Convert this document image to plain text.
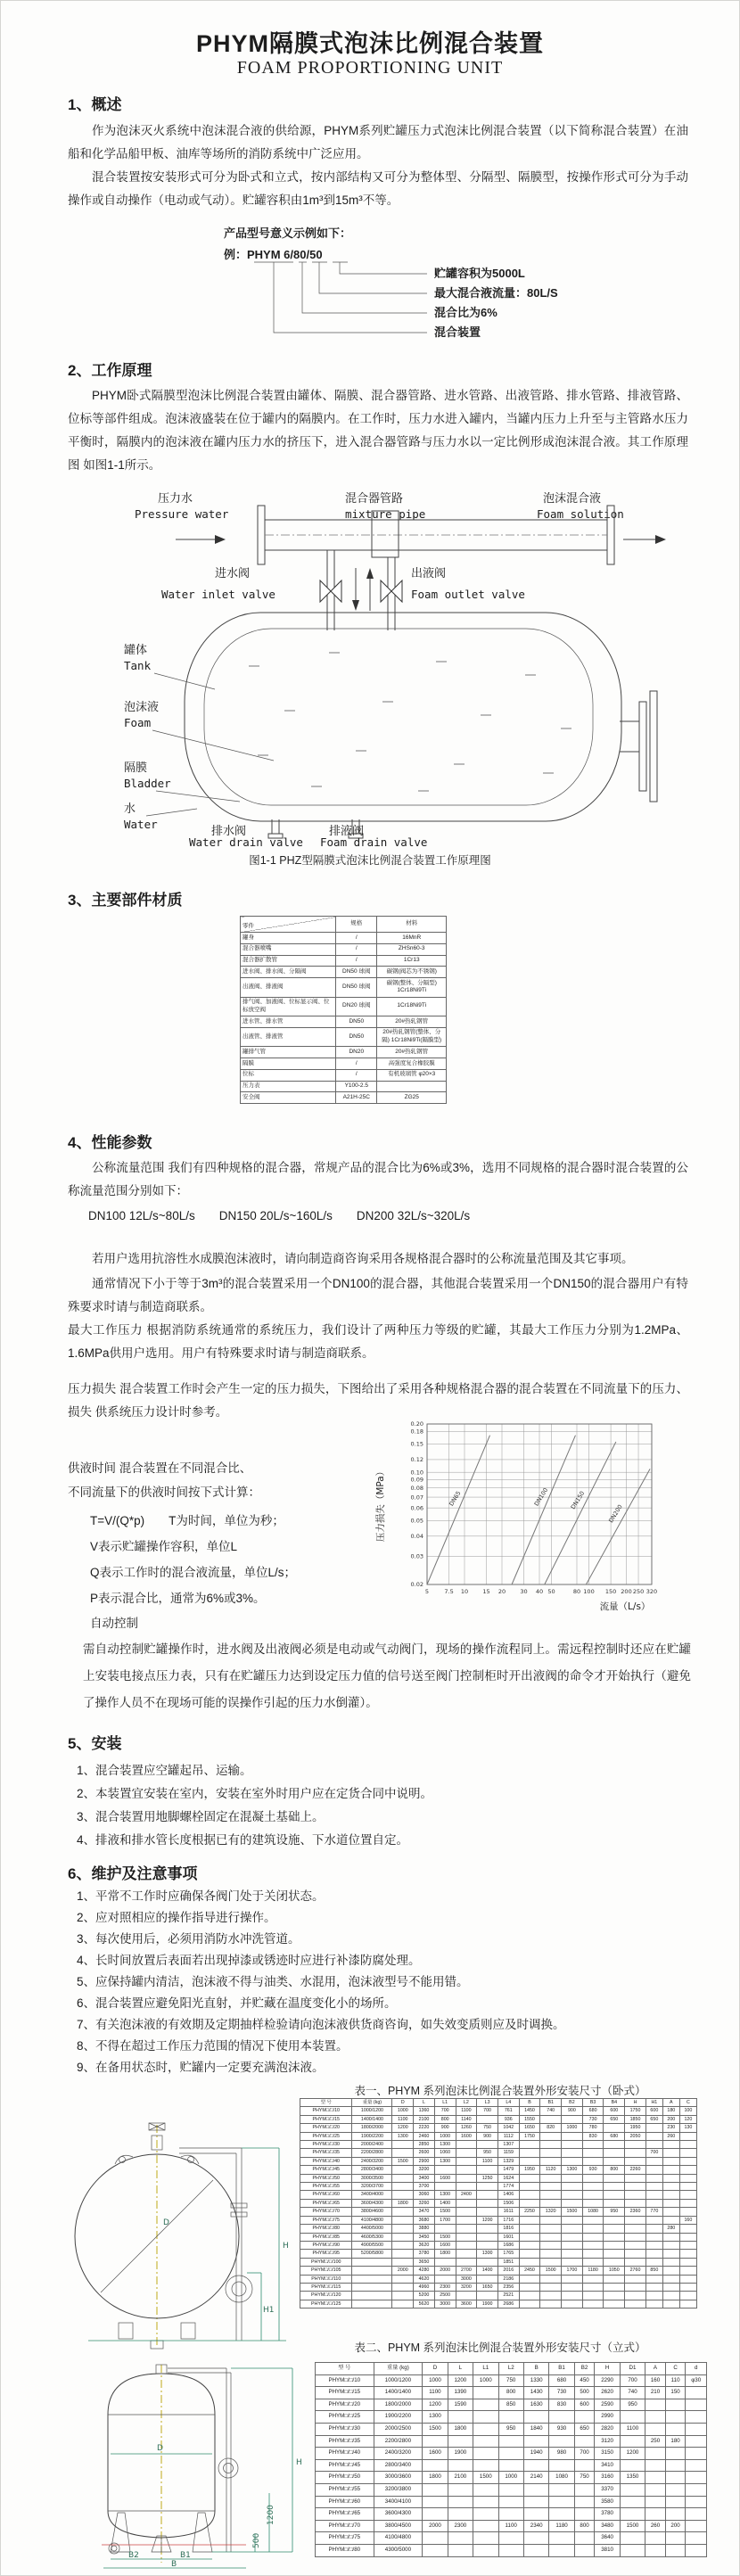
PHYM隔膜式泡沫比例混合装置
FOAM PROPORTIONING UNIT
1、概述
作为泡沫灭火系统中泡沫混合液的供给源，PHYM系列贮罐压力式泡沫比例混合装置（以下简称混合装置）在油船和化学品船甲板、油库等场所的消防系统中广泛应用。
混合装置按安装形式可分为卧式和立式，按内部结构又可分为整体型、分隔型、隔膜型，按操作形式可分为手动操作或自动操作（电动或气动）。贮罐容积由1m³到15m³不等。
产品型号意义示例如下：
例：PHYM 6/80/50
贮罐容积为5000L
最大混合液流量：80L/S
混合比为6%
混合装置
2、工作原理
PHYM卧式隔膜型泡沫比例混合装置由罐体、隔膜、混合器管路、进水管路、出液管路、排水管路、排液管路、位标等部件组成。泡沫液盛装在位于罐内的隔膜内。在工作时，压力水进入罐内，当罐内压力上升至与主管路水压力平衡时，隔膜内的泡沫液在罐内压力水的挤压下，进入混合器管路与压力水以一定比例形成泡沫混合液。其工作原理图 如图1-1所示。
压力水
Pressure water
混合器管路
mixture pipe
泡沫混合液
Foam solution
进水阀
Water inlet valve
出液阀
Foam outlet valve
罐体
Tank
泡沫液
Foam
隔膜
Bladder
水
Water	排水阀
Water drain valve
排液阀
Foam drain valve
图1-1 PHZ型隔膜式泡沫比例混合装置工作原理图
3、主要部件材质
零件	规格	材料
罐身	/	16MnR
混合器喷嘴	/	ZHSn60-3
混合器扩散管	/	1Cr13
进水阀、排水阀、分隔阀	DN50 球阀	碳钢(阀芯为不锈钢)
出液阀、排液阀	DN50 球阀	碳钢(整体、分隔型) 1Cr18Ni9Ti
排气阀、加液阀、位标显示阀、位标放空阀	DN20 球阀	1Cr18Ni9Ti
进水管、排水管	DN50	20#热轧钢管
出液管、排液管	DN50	20#热轧钢管(整体、分隔) 1Cr18Ni9Ti(隔膜型)
罐排气管	DN20	20#热轧钢管
隔膜	/	高强度复合橡胶膜
位标	/	有机玻璃管 φ20×3
压力表	Y100-2.5	
安全阀	A21H-25C	ZG25
4、性能参数
公称流量范围 我们有四种规格的混合器，常规产品的混合比为6%或3%，选用不同规格的混合器时混合装置的公称流量范围分别如下：
DN100 12L/s~80L/s　　DN150 20L/s~160L/s　　DN200 32L/s~320L/s
若用户选用抗溶性水成膜泡沫液时，请向制造商咨询采用各规格混合器时的公称流量范围及其它事项。
通常情况下小于等于3m³的混合装置采用一个DN100的混合器，其他混合装置采用一个DN150的混合器用户有特殊要求时请与制造商联系。
最大工作压力 根据消防系统通常的系统压力，我们设计了两种压力等级的贮罐，其最大工作压力分别为1.2MPa、1.6MPa供用户选用。用户有特殊要求时请与制造商联系。
压力损失 混合装置工作时会产生一定的压力损失，下图给出了采用各种规格混合器的混合装置在不同流量下的压力、损失 供系统压力设计时参考。
5	7.5 10	15 20	30 40 50	80 100 150 200 250 320
0.02
0.03
0.04
0.05
0.06
0.07
0.08
0.09
0.10
0.12
0.15
0.18
0.20
DN65	DN100	DN150
DN200
流量（L/s）
压力损失（MPa）
供液时间 混合装置在不同混合比、
不同流量下的供液时间按下式计算：
T=V/(Q*p)　　T为时间，单位为秒；
V表示贮罐操作容积，单位L
Q表示工作时的混合液流量，单位L/s；
P表示混合比，通常为6%或3%。
自动控制
需自动控制贮罐操作时，进水阀及出液阀必须是电动或气动阀门，现场的操作流程同上。需远程控制时还应在贮罐上安装电接点压力表，只有在贮罐压力达到设定压力值的信号送至阀门控制柜时开出液阀的命令才开始执行（避免了操作人员不在现场可能的误操作引起的压力水倒灌）。
5、安装
1、混合装置应空罐起吊、运输。
2、本装置宜安装在室内，安装在室外时用户应在定货合同中说明。
3、混合装置用地脚螺栓固定在混凝土基础上。
4、排液和排水管长度根据已有的建筑设施、下水道位置自定。
6、维护及注意事项
1、平常不工作时应确保各阀门处于关闭状态。
2、应对照相应的操作指导进行操作。
3、每次使用后，必须用消防水冲洗管道。
4、长时间放置后表面若出现掉漆或锈迹时应进行补漆防腐处理。
5、应保持罐内清洁，泡沫液不得与油类、水混用，泡沫液型号不能用错。
6、混合装置应避免阳光直射，并贮藏在温度变化小的场所。
7、有关泡沫液的有效期及定期抽样检验请向泡沫液供货商咨询，如失效变质则应及时调换。
8、不得在超过工作压力范围的情况下使用本装置。
9、在备用状态时，贮罐内一定要充满泡沫液。
表一、PHYM 系列泡沫比例混合装置外形安装尺寸（卧式）
D
H
H1
型 号	重量 (kg)	D	L	L1	L2	L3	L4	B	B1	B2	B3	B4	H	H1	A	C
PHYM□/□/10	1000/1200	1000	1360	700	1100	700	761	1450	740	900	680	600	1750	600	180	100
PHYM□/□/15	1400/1400	1100	2100	800	1140		936	1550			730	650	1850	650	200	120
PHYM□/□/20	1800/2000	1200	2220	900	1260	750	1042	1650	820	1000	780		1950		230	130
PHYM□/□/25	1900/2200	1300	2460	1000	1600	900	1112	1750			830	680	2050		260	
PHYM□/□/30	2000/2400		2850	1300			1307									
PHYM□/□/35	2200/2800		2600	1060		950	1159							700		
PHYM□/□/40	2400/3200	1500	2900	1300		1100	1329									
PHYM□/□/45	2800/3400		3200				1479	1950	1120	1300	930	800	2260			
PHYM□/□/50	3000/3500		3400	1600		1250	1624									
PHYM□/□/55	3200/3700		3700				1774									
PHYM□/□/60	3400/4000		3060	1300	2400		1406									
PHYM□/□/65	3600/4300	1800	3260	1400			1506									
PHYM□/□/70	3800/4600		3470	1500			1611	2250	1320	1500	1080	950	2360	770		
PHYM□/□/75	4100/4800		3680	1700		1200	1716									160
PHYM□/□/80	4400/5000		3880				1816								280	
PHYM□/□/85	4600/5300		3450	1500			1601									
PHYM□/□/90	4900/5500		3620	1600			1686									
PHYM□/□/95	5200/5800		3780	1800		1300	1765									
PHYM□/□/100			3650				1851									
PHYM□/□/105		2000	4280	2000	2700	1400	2016	2450	1500	1700	1180	1050	2760	850		
PHYM□/□/110			4620		3000		2186									
PHYM□/□/115			4960	2300	3200	1650	2356									
PHYM□/□/120			5200	2500			2521									
PHYM□/□/125			5620	3000	3600	1900	2686									
表二、PHYM 系列泡沫比例混合装置外形安装尺寸（立式）
D
B2	B1
B
H
1200
500
型 号	重量 (kg)	D	L	L1	L2	B	B1	B2	H	D1	A	C	d
PHYM□/□/10	1000/1200	1000	1200	1000	750	1330	680	450	2290	700	160	110	φ30
PHYM□/□/15	1400/1400	1100	1390		800	1430	730	500	2620	740	210	150	
PHYM□/□/20	1800/2000	1200	1590		850	1630	830	600	2590	950			
PHYM□/□/25	1900/2200	1300							2990				
PHYM□/□/30	2000/2500	1500	1800		950	1840	930	650	2820	1100			
PHYM□/□/35	2200/2800								3120		250	180	
PHYM□/□/40	2400/3200	1600	1900			1940	980	700	3150	1200			
PHYM□/□/45	2800/3400								3410				
PHYM□/□/50	3000/3600	1800	2100	1500	1000	2140	1080	750	3160	1350			
PHYM□/□/55	3200/3800								3370				
PHYM□/□/60	3400/4100								3580				
PHYM□/□/65	3600/4300								3780				
PHYM□/□/70	3800/4500	2000	2300		1100	2340	1180	800	3480	1500	260	200	
PHYM□/□/75	4100/4800								3640				
PHYM□/□/80	4300/5000								3810				
